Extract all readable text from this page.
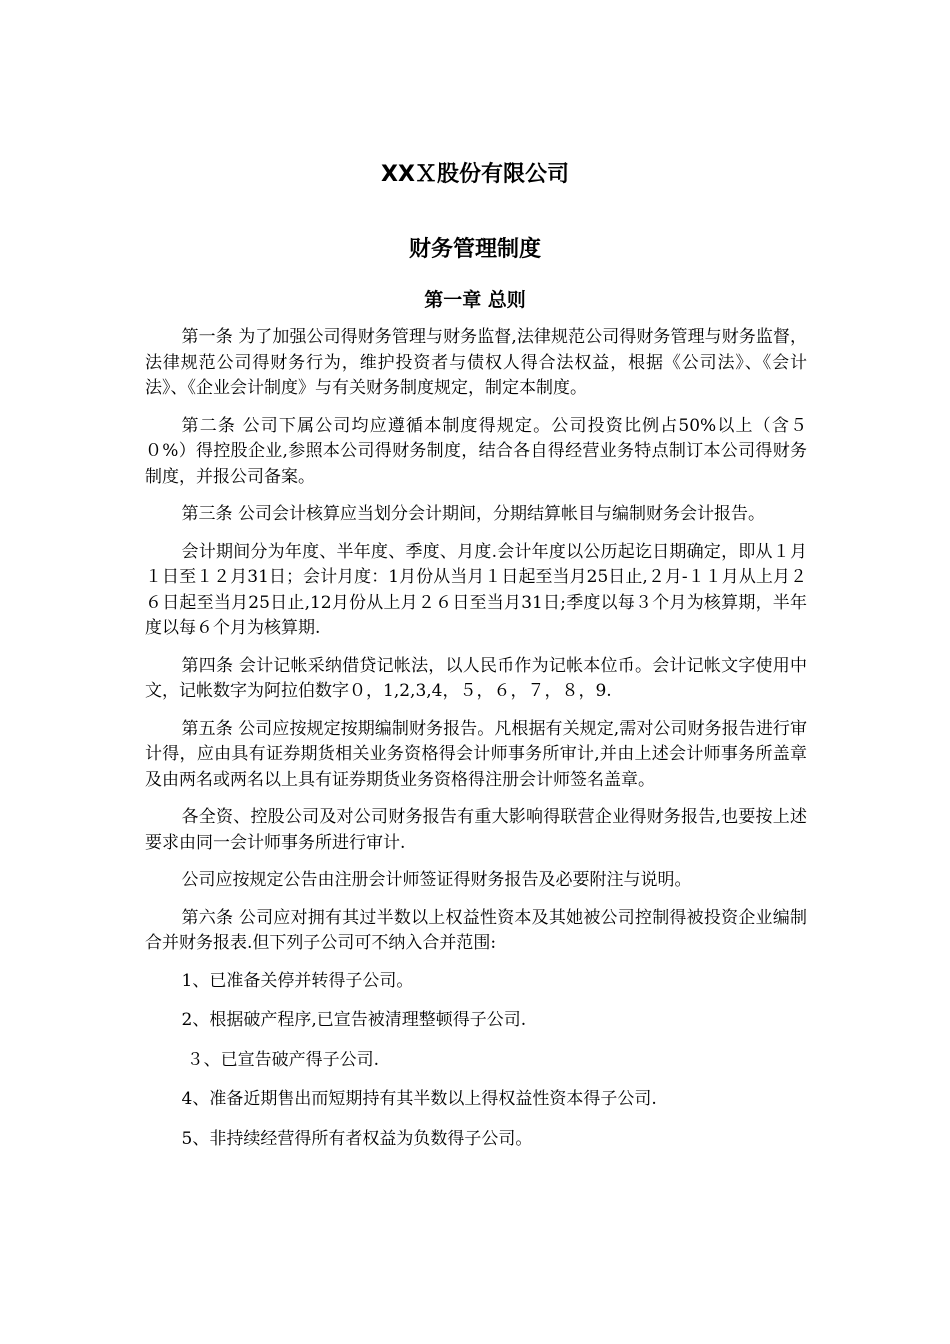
XXＸ股份有限公司
财务管理制度
第一章 总则

第一条 为了加强公司得财务管理与财务监督,法律规范公司得财务管理与财务监督，法律规范公司得财务行为，维护投资者与债权人得合法权益，根据《公司法》、《会计法》、《企业会计制度》与有关财务制度规定，制定本制度。

第二条 公司下属公司均应遵循本制度得规定。公司投资比例占50%以上（含５０%）得控股企业,参照本公司得财务制度，结合各自得经营业务特点制订本公司得财务制度，并报公司备案。

第三条 公司会计核算应当划分会计期间，分期结算帐目与编制财务会计报告。

会计期间分为年度、半年度、季度、月度.会计年度以公历起讫日期确定，即从１月１日至１２月31日；会计月度：1月份从当月１日起至当月25日止,２月-１１月从上月２６日起至当月25日止,12月份从上月２６日至当月31日;季度以每３个月为核算期，半年度以每６个月为核算期.

第四条 会计记帐采纳借贷记帐法，以人民币作为记帐本位币。会计记帐文字使用中文，记帐数字为阿拉伯数字０，1,2,3,4，５，６，７，８，9.

第五条 公司应按规定按期编制财务报告。凡根据有关规定,需对公司财务报告进行审计得，应由具有证券期货相关业务资格得会计师事务所审计,并由上述会计师事务所盖章及由两名或两名以上具有证券期货业务资格得注册会计师签名盖章。

各全资、控股公司及对公司财务报告有重大影响得联营企业得财务报告,也要按上述要求由同一会计师事务所进行审计.

公司应按规定公告由注册会计师签证得财务报告及必要附注与说明。

第六条 公司应对拥有其过半数以上权益性资本及其她被公司控制得被投资企业编制合并财务报表.但下列子公司可不纳入合并范围:

1、已准备关停并转得子公司。

2、根据破产程序,已宣告被清理整顿得子公司.

３、已宣告破产得子公司.

4、准备近期售出而短期持有其半数以上得权益性资本得子公司.

5、非持续经营得所有者权益为负数得子公司。
